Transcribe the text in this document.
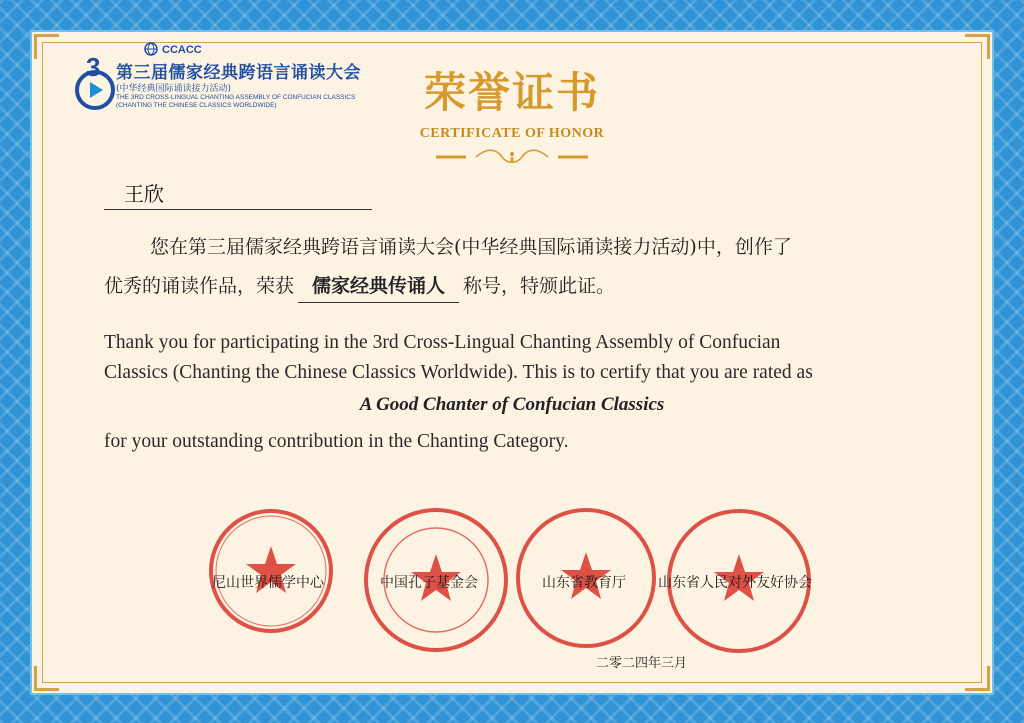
3
CCACC
第三届儒家经典跨语言诵读大会
(中华经典国际诵读接力活动)
THE 3RD CROSS-LINGUAL CHANTING ASSEMBLY OF CONFUCIAN CLASSICS
(CHANTING THE CHINESE CLASSICS WORLDWIDE)	荣誉证书
CERTIFICATE OF HONOR
王欣
您在第三届儒家经典跨语言诵读大会(中华经典国际诵读接力活动)中，创作了
优秀的诵读作品，荣获 儒家经典传诵人 称号，特颁此证。
Thank you for participating in the 3rd Cross-Lingual Chanting Assembly of Confucian
Classics (Chanting the Chinese Classics Worldwide). This is to certify that you are rated as
A Good Chanter of Confucian Classics
for your outstanding contribution in the Chanting Category.
尼山世界儒学中心	中国孔子基金会	山东省教育厅 山东省人民对外友好协会
二零二四年三月
